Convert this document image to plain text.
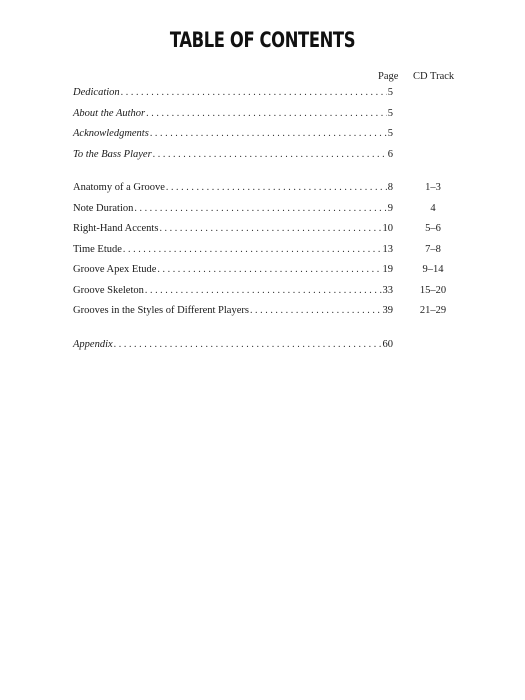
TABLE OF CONTENTS
Page CD Track
Dedication .....	5
About the Author .....	5
Acknowledgments .....	5
To the Bass Player .....	6
Anatomy of a Groove .....	8	1–3
Note Duration .....	9	4
Right-Hand Accents .....	10	5–6
Time Etude .....	13	7–8
Groove Apex Etude .....	19	9–14
Groove Skeleton .....	33	15–20
Grooves in the Styles of Different Players .....	39	21–29
Appendix .....	60
